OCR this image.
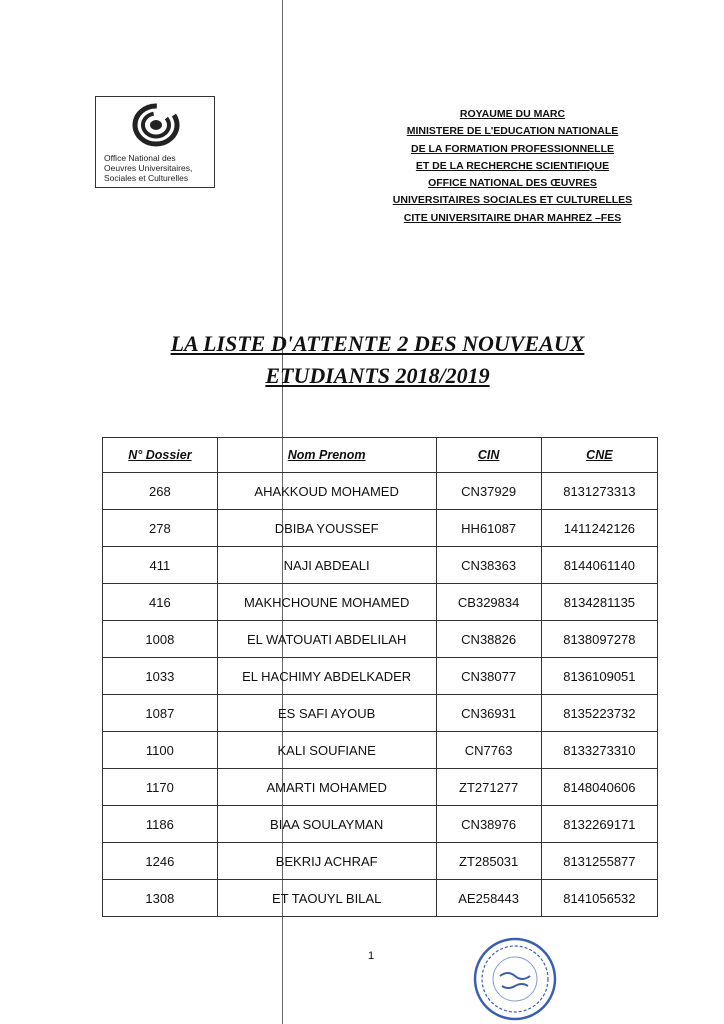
Office National des
Oeuvres Universitaires,
Sociales et Culturelles
ROYAUME DU MARC
MINISTERE DE L'EDUCATION NATIONALE
DE LA FORMATION PROFESSIONNELLE
ET DE LA RECHERCHE SCIENTIFIQUE
OFFICE NATIONAL DES ŒUVRES
UNIVERSITAIRES SOCIALES ET CULTURELLES
CITE UNIVERSITAIRE DHAR MAHREZ –FES
LA LISTE D'ATTENTE 2 DES NOUVEAUX
ETUDIANTS 2018/2019
N° Dossier	Nom Prenom	CIN	CNE
268	AHAKKOUD MOHAMED	CN37929	8131273313
278	DBIBA YOUSSEF	HH61087	1411242126
411	NAJI ABDEALI	CN38363	8144061140
416	MAKHCHOUNE MOHAMED	CB329834	8134281135
1008	EL WATOUATI ABDELILAH	CN38826	8138097278
1033	EL HACHIMY ABDELKADER	CN38077	8136109051
1087	ES SAFI AYOUB	CN36931	8135223732
1100	KALI SOUFIANE	CN7763	8133273310
1170	AMARTI MOHAMED	ZT271277	8148040606
1186	BIAA SOULAYMAN	CN38976	8132269171
1246	BEKRIJ ACHRAF	ZT285031	8131255877
1308	ET TAOUYL BILAL	AE258443	8141056532
1
